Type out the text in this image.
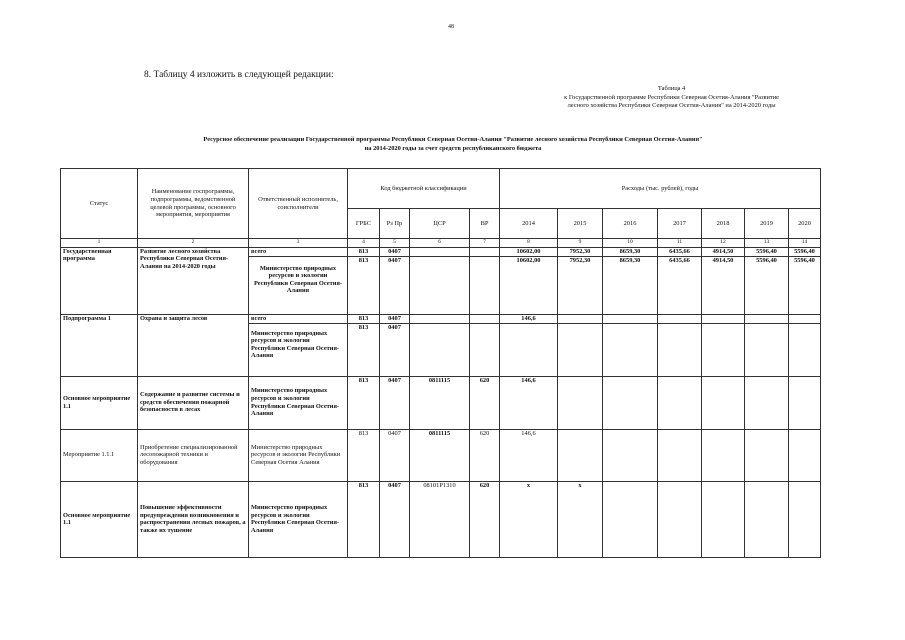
48
8. Таблицу 4 изложить в следующей редакции:
Таблица 4
к Государственной программе Республики Северная Осетия-Алания "Развитие
лесного хозяйства Республики Северная Осетия-Алания" на 2014-2020 годы
Ресурсное обеспечение реализации Государственной программы Республики Северная Осетия-Алания "Развитие лесного хозяйства Республики Северная Осетия-Алания"
на 2014-2020 годы за счет средств республиканского бюджета
Статус	Наименование госпрограммы, подпрограммы, ведомственной целевой программы, основного мероприятия, мероприятия	Ответственный исполнитель, соисполнители	Код бюджетной классификации				Расходы (тыс. рублей), годы						
			ГРБС	Рз Пр	ЦСР	ВР	2014	2015	2016	2017	2018	2019	2020
1	2	3	4	5	6	7	8	9	10	11	12	13	14
Государственная программа	Развитие лесного хозяйства Республики Северная Осетия-Алания на 2014-2020 годы	всего	813	0407			10602,00	7952,30	8659,30	6435,66	4914,50	5596,40	5596,40
		Министерство природных ресурсов и экологии Республики Северная Осетия-Алания	813	0407			10602,00	7952,30	8659,30	6435,66	4914,50	5596,40	5596,40
Подпрограмма 1	Охрана и защита лесов	всего	813	0407			146,6						
		Министерство природных ресурсов и экологии Республики Северная Осетия-Алания	813	0407									
Основное мероприятие 1.1	Содержание и развитие системы и средств обеспечения пожарной безопасности в лесах	Министерство природных ресурсов и экологии Республики Северная Осетия-Алания	813	0407	0811115	620	146,6						
Мероприятие 1.1.1	Приобретение специализированной лесопожарной техники и оборудования	Министерство природных ресурсов и экологии Республики Северная Осетия Алания	813	0407	0811115	620	146,6						
Основное мероприятие 1.1	Повышение эффективности предупреждения возникновения и распространения лесных пожаров, а также их тушение	Министерство природных ресурсов и экологии Республики Северная Осетия-Алания	813	0407	08101Р1310	620	х	х					
